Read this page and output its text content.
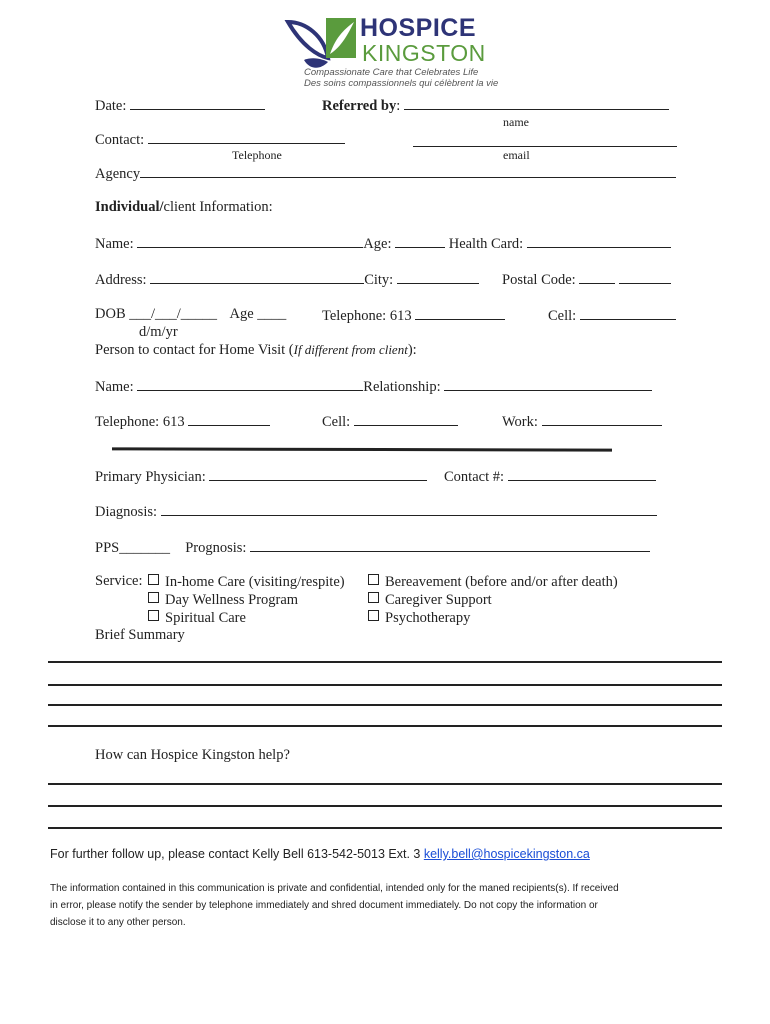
HOSPICE
KINGSTON
Compassionate Care that Celebrates Life
Des soins compassionnels qui célèbrent la vie
Date:	Referred by:
name
Contact:
Telephone	email
Agency
Individual/client Information:
Name:	Age:	Health Card:
Address:	City:	Postal Code:
DOB ___/___/_____ Age ____ Telephone: 613	Cell:
d/m/yr
Person to contact for Home Visit (If different from client):
Name:	Relationship:
Telephone: 613	Cell:	Work:
Primary Physician:	Contact #:
Diagnosis:
PPS_______ Prognosis:
Service:	In-home Care (visiting/respite)
Day Wellness Program
Spiritual Care
Bereavement (before and/or after death)
Caregiver Support
Psychotherapy
Brief Summary
How can Hospice Kingston help?
For further follow up, please contact Kelly Bell 613-542-5013 Ext. 3 kelly.bell@hospicekingston.ca
The information contained in this communication is private and confidential, intended only for the maned recipients(s). If received
in error, please notify the sender by telephone immediately and shred document immediately. Do not copy the information or
disclose it to any other person.
